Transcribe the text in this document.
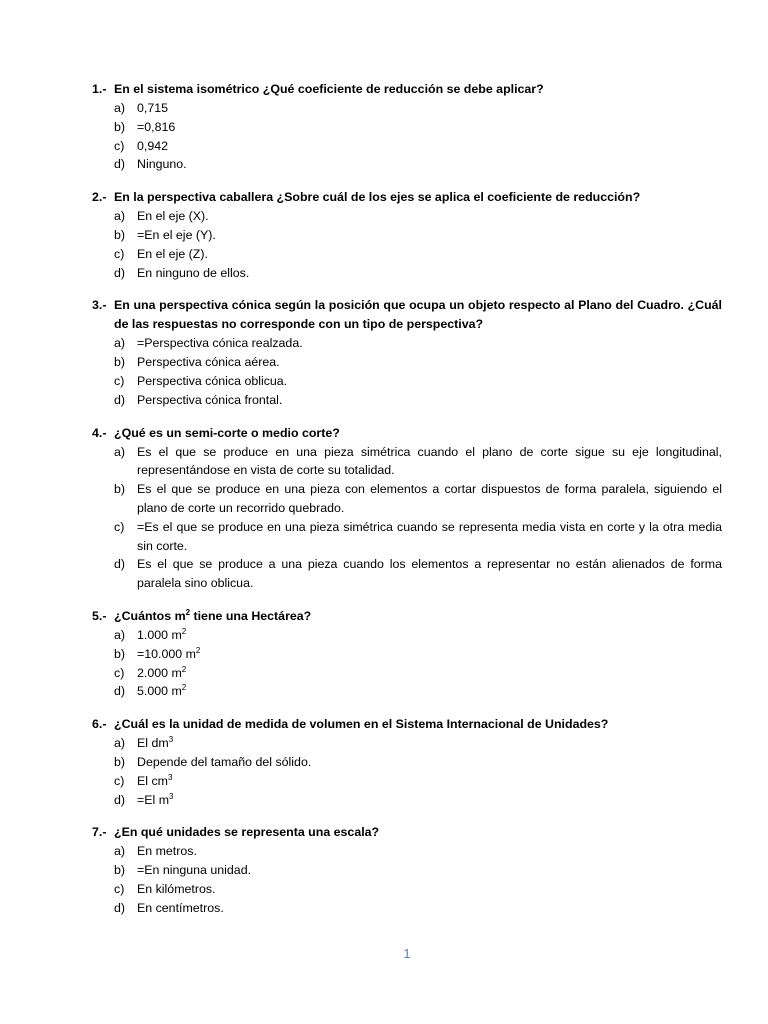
1.- En el sistema isométrico ¿Qué coeficiente de reducción se debe aplicar?
a) 0,715
b) =0,816
c)	0,942
d) Ninguno.
2.- En la perspectiva caballera ¿Sobre cuál de los ejes se aplica el coeficiente de reducción?
a) En el eje (X).
b) =En el eje (Y).
c)	En el eje (Z).
d) En ninguno de ellos.
3.- En una perspectiva cónica según la posición que ocupa un objeto respecto al Plano del Cuadro. ¿Cuál de las respuestas no corresponde con un tipo de perspectiva?
a) =Perspectiva cónica realzada.
b) Perspectiva cónica aérea.
c)	Perspectiva cónica oblicua.
d) Perspectiva cónica frontal.
4.- ¿Qué es un semi-corte o medio corte?
a) Es el que se produce en una pieza simétrica cuando el plano de corte sigue su eje longitudinal, representándose en vista de corte su totalidad.
b) Es el que se produce en una pieza con elementos a cortar dispuestos de forma paralela, siguiendo el plano de corte un recorrido quebrado.
c)	=Es el que se produce en una pieza simétrica cuando se representa media vista en corte y la otra media sin corte.
d) Es el que se produce a una pieza cuando los elementos a representar no están alienados de forma paralela sino oblicua.
5.- ¿Cuántos $m^2$ tiene una Hectárea?
a) 1.000 $m^2$
b) =10.000 $m^2$
c)	2.000 $m^2$
d) 5.000 $m^2$
6.- ¿Cuál es la unidad de medida de volumen en el Sistema Internacional de Unidades?
a) El $dm^3$
b) Depende del tamaño del sólido.
c)	El $cm^3$
d) =El $m^3$
7.- ¿En qué unidades se representa una escala?
a) En metros.
b) =En ninguna unidad.
c)	En kilómetros.
d) En centímetros.
1
